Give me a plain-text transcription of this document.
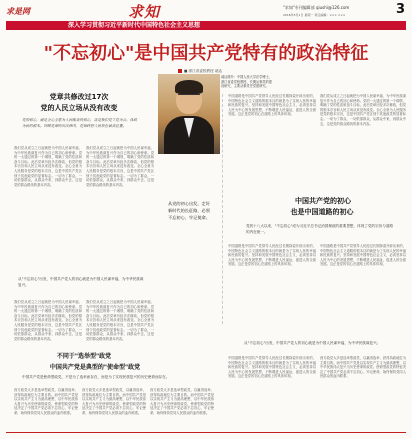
求是网	求知	"求知"专刊编辑部 qiushi@126.com
2016年5月1日 星期一 责任编辑：××× ×××	3
深入学习贯彻习近平新时代中国特色社会主义思想
"不忘初心"是中国共产党特有的政治特征
■ 浙江省委校教授 郝达
党章共修改过17次
党的人民立场从没有改变
党的初心，就是全心全意为人民服务的初心，这是我们党立党为公、执政为民的根本。回顾党章的历次修改，党始终把人民放在最高位置。
我们党从成立之日起就把为中国人民谋幸福、为中华民族谋复兴作为自己的初心和使命。党的一大通过的第一个纲领，明确了党的性质和奋斗目标。此后党章历经多次修改，但党的根本宗旨和人民立场从来没有改变。全心全意为人民服务是党的根本宗旨，这是中国共产党区别于其他政党的显著标志。一切为了群众，一切依靠群众，从群众中来，到群众中去，这是党的群众路线的基本内容。
我们党从成立之日起就把为中国人民谋幸福、为中华民族谋复兴作为自己的初心和使命。党的一大通过的第一个纲领，明确了党的性质和奋斗目标。此后党章历经多次修改，但党的根本宗旨和人民立场从来没有改变。全心全意为人民服务是党的根本宗旨，这是中国共产党区别于其他政党的显著标志。一切为了群众，一切依靠群众，从群众中来，到群众中去，这是党的群众路线的基本内容。
从"不忘初心"出发，中国共产党人的初心就是为中国人民谋幸福，为中华民族谋复兴。
我们党从成立之日起就把为中国人民谋幸福、为中华民族谋复兴作为自己的初心和使命。党的一大通过的第一个纲领，明确了党的性质和奋斗目标。此后党章历经多次修改，但党的根本宗旨和人民立场从来没有改变。全心全意为人民服务是党的根本宗旨，这是中国共产党区别于其他政党的显著标志。一切为了群众，一切依靠群众，从群众中来，到群众中去，这是党的群众路线的基本内容。
我们党从成立之日起就把为中国人民谋幸福、为中华民族谋复兴作为自己的初心和使命。党的一大通过的第一个纲领，明确了党的性质和奋斗目标。此后党章历经多次修改，但党的根本宗旨和人民立场从来没有改变。全心全意为人民服务是党的根本宗旨，这是中国共产党区别于其他政党的显著标志。一切为了群众，一切依靠群众，从群众中来，到群众中去，这是党的群众路线的基本内容。
不同于"选举型"政党
中国共产党是典型的"使命型"政党
中国共产党是使命型政党，不是为了选举而存在，而是为了实现民族复兴的历史使命而存在。
西方政党大多是选举型政党，以赢得选举、获得执政地位为主要目的。而中国共产党是以实现共产主义为最高理想、以中华民族伟大复兴为历史使命的政党。使命型政党的特征决定了中国共产党必须不忘初心、牢记使命，始终保持党同人民群众的血肉联系。
西方政党大多是选举型政党，以赢得选举、获得执政地位为主要目的。而中国共产党是以实现共产主义为最高理想、以中华民族伟大复兴为历史使命的政党。使命型政党的特征决定了中国共产党必须不忘初心、牢记使命，始终保持党同人民群众的血肉联系。
西方政党大多是选举型政党，以赢得选举、获得执政地位为主要目的。而中国共产党是以实现共产主义为最高理想、以中华民族伟大复兴为历史使命的政党。使命型政党的特征决定了中国共产党必须不忘初心、牢记使命，始终保持党同人民群众的血肉联系。
郝达简介：中国人民大学法学博士，浙江省委党校教授，长期从事党的建设研究，主要从事党史党建研究。
从党的初心出发，走好新时代的长征路，必须不忘初心、牢记使命。
中国道路是中国共产党领导人民经过长期探索开辟出来的，中国特色社会主义道路的根本目的就是为了实现人民的幸福和民族的复兴。坚持和发展中国特色社会主义，必须坚持以人民为中心的发展思想，不断增进人民福祉，促进人的全面发展。这正是党的初心在道路上的具体体现。
我们党从成立之日起就把为中国人民谋幸福、为中华民族谋复兴作为自己的初心和使命。党的一大通过的第一个纲领，明确了党的性质和奋斗目标。此后党章历经多次修改，但党的根本宗旨和人民立场从来没有改变。全心全意为人民服务是党的根本宗旨，这是中国共产党区别于其他政党的显著标志。一切为了群众，一切依靠群众，从群众中来，到群众中去，这是党的群众路线的基本内容。
中国共产党的初心
也是中国道路的初心
党的十八大以来，"不忘初心"成为习近平总书记治国理政的重要思想，体现了党的宗旨与道路的内在统一。
中国道路是中国共产党领导人民经过长期探索开辟出来的，中国特色社会主义道路的根本目的就是为了实现人民的幸福和民族的复兴。坚持和发展中国特色社会主义，必须坚持以人民为中心的发展思想，不断增进人民福祉，促进人的全面发展。这正是党的初心在道路上的具体体现。
中国道路是中国共产党领导人民经过长期探索开辟出来的，中国特色社会主义道路的根本目的就是为了实现人民的幸福和民族的复兴。坚持和发展中国特色社会主义，必须坚持以人民为中心的发展思想，不断增进人民福祉，促进人的全面发展。这正是党的初心在道路上的具体体现。
从"不忘初心"出发，中国共产党人的初心就是为中国人民谋幸福，为中华民族谋复兴。
中国道路是中国共产党领导人民经过长期探索开辟出来的，中国特色社会主义道路的根本目的就是为了实现人民的幸福和民族的复兴。坚持和发展中国特色社会主义，必须坚持以人民为中心的发展思想，不断增进人民福祉，促进人的全面发展。这正是党的初心在道路上的具体体现。
西方政党大多是选举型政党，以赢得选举、获得执政地位为主要目的。而中国共产党是以实现共产主义为最高理想、以中华民族伟大复兴为历史使命的政党。使命型政党的特征决定了中国共产党必须不忘初心、牢记使命，始终保持党同人民群众的血肉联系。
